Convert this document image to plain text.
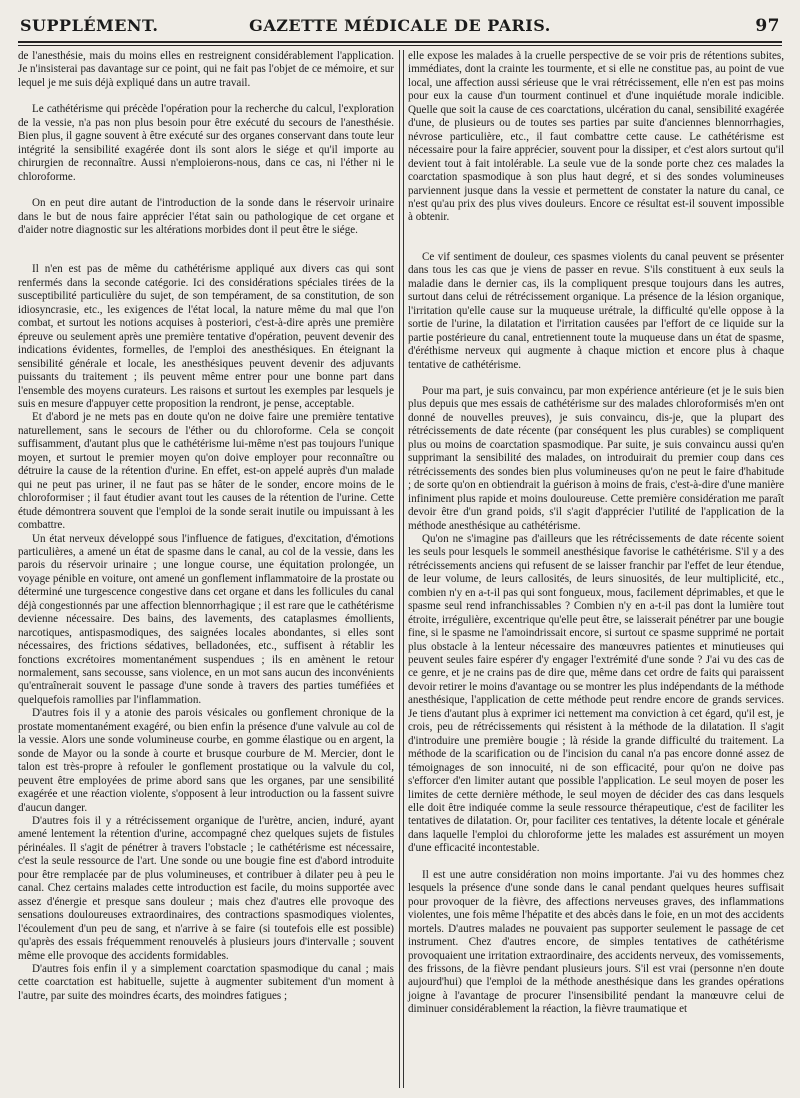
SUPPLÉMENT.	GAZETTE MÉDICALE DE PARIS.	97

de l'anesthésie, mais du moins elles en restreignent considérablement l'application. Je n'insisterai pas davantage sur ce point, qui ne fait pas l'objet de ce mémoire, et sur lequel je me suis déjà expliqué dans un autre travail.

Le cathétérisme qui précède l'opération pour la recherche du calcul, l'exploration de la vessie, n'a pas non plus besoin pour être exécuté du secours de l'anesthésie. Bien plus, il gagne souvent à être exécuté sur des organes conservant dans toute leur intégrité la sensibilité exagérée dont ils sont alors le siége et qu'il importe au chirurgien de reconnaître. Aussi n'emploierons-nous, dans ce cas, ni l'éther ni le chloroforme.

On en peut dire autant de l'introduction de la sonde dans le réservoir urinaire dans le but de nous faire apprécier l'état sain ou pathologique de cet organe et d'aider notre diagnostic sur les altérations morbides dont il peut être le siége.

Il n'en est pas de même du cathétérisme appliqué aux divers cas qui sont renfermés dans la seconde catégorie. Ici des considérations spéciales tirées de la susceptibilité particulière du sujet, de son tempérament, de sa constitution, de son idiosyncrasie, etc., les exigences de l'état local, la nature même du mal que l'on combat, et surtout les notions acquises à posteriori, c'est-à-dire après une première épreuve ou seulement après une première tentative d'opération, peuvent devenir des indications évidentes, formelles, de l'emploi des anesthésiques. En éteignant la sensibilité générale et locale, les anesthésiques peuvent devenir des adjuvants puissants du traitement ; ils peuvent même entrer pour une bonne part dans l'ensemble des moyens curateurs. Les raisons et surtout les exemples par lesquels je suis en mesure d'appuyer cette proposition la rendront, je pense, acceptable.

Et d'abord je ne mets pas en doute qu'on ne doive faire une première tentative naturellement, sans le secours de l'éther ou du chloroforme. Cela se conçoit suffisamment, d'autant plus que le cathétérisme lui-même n'est pas toujours l'unique moyen, et surtout le premier moyen qu'on doive employer pour reconnaître ou détruire la cause de la rétention d'urine. En effet, est-on appelé auprès d'un malade qui ne peut pas uriner, il ne faut pas se hâter de le sonder, encore moins de le chloroformiser ; il faut étudier avant tout les causes de la rétention de l'urine. Cette étude démontrera souvent que l'emploi de la sonde serait inutile ou impuissant à les combattre.

Un état nerveux développé sous l'influence de fatigues, d'excitation, d'émotions particulières, a amené un état de spasme dans le canal, au col de la vessie, dans les parois du réservoir urinaire ; une longue course, une équitation prolongée, un voyage pénible en voiture, ont amené un gonflement inflammatoire de la prostate ou déterminé une turgescence congestive dans cet organe et dans les follicules du canal déjà congestionnés par une affection blennorrhagique ; il est rare que le cathétérisme devienne nécessaire. Des bains, des lavements, des cataplasmes émollients, narcotiques, antispasmodiques, des saignées locales abondantes, si elles sont nécessaires, des frictions sédatives, belladonées, etc., suffisent à rétablir les fonctions excrétoires momentanément suspendues ; ils en amènent le retour normalement, sans secousse, sans violence, en un mot sans aucun des inconvénients qu'entraînerait souvent le passage d'une sonde à travers des parties tuméfiées et quelquefois ramollies par l'inflammation.

D'autres fois il y a atonie des parois vésicales ou gonflement chronique de la prostate momentanément exagéré, ou bien enfin la présence d'une valvule au col de la vessie. Alors une sonde volumineuse courbe, en gomme élastique ou en argent, la sonde de Mayor ou la sonde à courte et brusque courbure de M. Mercier, dont le talon est très-propre à refouler le gonflement prostatique ou la valvule du col, peuvent être employées de prime abord sans que les organes, par une sensibilité exagérée et une réaction violente, s'opposent à leur introduction ou la fassent suivre d'aucun danger.

D'autres fois il y a rétrécissement organique de l'urètre, ancien, induré, ayant amené lentement la rétention d'urine, accompagné chez quelques sujets de fistules périnéales. Il s'agit de pénétrer à travers l'obstacle ; le cathétérisme est nécessaire, c'est la seule ressource de l'art. Une sonde ou une bougie fine est d'abord introduite pour être remplacée par de plus volumineuses, et contribuer à dilater peu à peu le canal. Chez certains malades cette introduction est facile, du moins supportée avec assez d'énergie et presque sans douleur ; mais chez d'autres elle provoque des sensations douloureuses extraordinaires, des contractions spasmodiques violentes, l'écoulement d'un peu de sang, et n'arrive à se faire (si toutefois elle est possible) qu'après des essais fréquemment renouvelés à plusieurs jours d'intervalle ; souvent même elle provoque des accidents formidables.

D'autres fois enfin il y a simplement coarctation spasmodique du canal ; mais cette coarctation est habituelle, sujette à augmenter subitement d'un moment à l'autre, par suite des moindres écarts, des moindres fatigues ;

elle expose les malades à la cruelle perspective de se voir pris de rétentions subites, immédiates, dont la crainte les tourmente, et si elle ne constitue pas, au point de vue local, une affection aussi sérieuse que le vrai rétrécissement, elle n'en est pas moins pour eux la cause d'un tourment continuel et d'une inquiétude morale indicible. Quelle que soit la cause de ces coarctations, ulcération du canal, sensibilité exagérée d'une, de plusieurs ou de toutes ses parties par suite d'anciennes blennorrhagies, névrose particulière, etc., il faut combattre cette cause. Le cathétérisme est nécessaire pour la faire apprécier, souvent pour la dissiper, et c'est alors surtout qu'il devient tout à fait intolérable. La seule vue de la sonde porte chez ces malades la coarctation spasmodique à son plus haut degré, et si des sondes volumineuses parviennent jusque dans la vessie et permettent de constater la nature du canal, ce n'est qu'au prix des plus vives douleurs. Encore ce résultat est-il souvent impossible à obtenir.

Ce vif sentiment de douleur, ces spasmes violents du canal peuvent se présenter dans tous les cas que je viens de passer en revue. S'ils constituent à eux seuls la maladie dans le dernier cas, ils la compliquent presque toujours dans les autres, surtout dans celui de rétrécissement organique. La présence de la lésion organique, l'irritation qu'elle cause sur la muqueuse urétrale, la difficulté qu'elle oppose à la sortie de l'urine, la dilatation et l'irritation causées par l'effort de ce liquide sur la partie postérieure du canal, entretiennent toute la muqueuse dans un état de spasme, d'éréthisme nerveux qui augmente à chaque miction et encore plus à chaque tentative de cathétérisme.

Pour ma part, je suis convaincu, par mon expérience antérieure (et je le suis bien plus depuis que mes essais de cathétérisme sur des malades chloroformisés m'en ont donné de nouvelles preuves), je suis convaincu, dis-je, que la plupart des rétrécissements de date récente (par conséquent les plus curables) se compliquent plus ou moins de coarctation spasmodique. Par suite, je suis convaincu aussi qu'en supprimant la sensibilité des malades, on introduirait du premier coup dans ces rétrécissements des sondes bien plus volumineuses qu'on ne peut le faire d'habitude ; de sorte qu'on en obtiendrait la guérison à moins de frais, c'est-à-dire d'une manière infiniment plus rapide et moins douloureuse. Cette première considération me paraît devoir être d'un grand poids, s'il s'agit d'apprécier l'utilité de l'application de la méthode anesthésique au cathétérisme.

Qu'on ne s'imagine pas d'ailleurs que les rétrécissements de date récente soient les seuls pour lesquels le sommeil anesthésique favorise le cathétérisme. S'il y a des rétrécissements anciens qui refusent de se laisser franchir par l'effet de leur étendue, de leur volume, de leurs callosités, de leurs sinuosités, de leur multiplicité, etc., combien n'y en a-t-il pas qui sont fongueux, mous, facilement déprimables, et que le spasme seul rend infranchissables ? Combien n'y en a-t-il pas dont la lumière tout étroite, irrégulière, excentrique qu'elle peut être, se laisserait pénétrer par une bougie fine, si le spasme ne l'amoindrissait encore, si surtout ce spasme supprimé ne portait plus obstacle à la lenteur nécessaire des manœuvres patientes et minutieuses qui peuvent seules faire espérer d'y engager l'extrémité d'une sonde ? J'ai vu des cas de ce genre, et je ne crains pas de dire que, même dans cet ordre de faits qui paraissent devoir retirer le moins d'avantage ou se montrer les plus indépendants de la méthode anesthésique, l'application de cette méthode peut rendre encore de grands services. Je tiens d'autant plus à exprimer ici nettement ma conviction à cet égard, qu'il est, je crois, peu de rétrécissements qui résistent à la méthode de la dilatation. Il s'agit d'introduire une première bougie ; là réside la grande difficulté du traitement. La méthode de la scarification ou de l'incision du canal n'a pas encore donné assez de témoignages de son innocuité, ni de son efficacité, pour qu'on ne doive pas s'efforcer d'en limiter autant que possible l'application. Le seul moyen de poser les limites de cette dernière méthode, le seul moyen de décider des cas dans lesquels elle doit être indiquée comme la seule ressource thérapeutique, c'est de faciliter les tentatives de dilatation. Or, pour faciliter ces tentatives, la détente locale et générale dans laquelle l'emploi du chloroforme jette les malades est assurément un moyen d'une efficacité incontestable.

Il est une autre considération non moins importante. J'ai vu des hommes chez lesquels la présence d'une sonde dans le canal pendant quelques heures suffisait pour provoquer de la fièvre, des affections nerveuses graves, des inflammations violentes, une fois même l'hépatite et des abcès dans le foie, en un mot des accidents mortels. D'autres malades ne pouvaient pas supporter seulement le passage de cet instrument. Chez d'autres encore, de simples tentatives de cathétérisme provoquaient une irritation extraordinaire, des accidents nerveux, des vomissements, des frissons, de la fièvre pendant plusieurs jours. S'il est vrai (personne n'en doute aujourd'hui) que l'emploi de la méthode anesthésique dans les grandes opérations joigne à l'avantage de procurer l'insensibilité pendant la manœuvre celui de diminuer considérablement la réaction, la fièvre traumatique et
